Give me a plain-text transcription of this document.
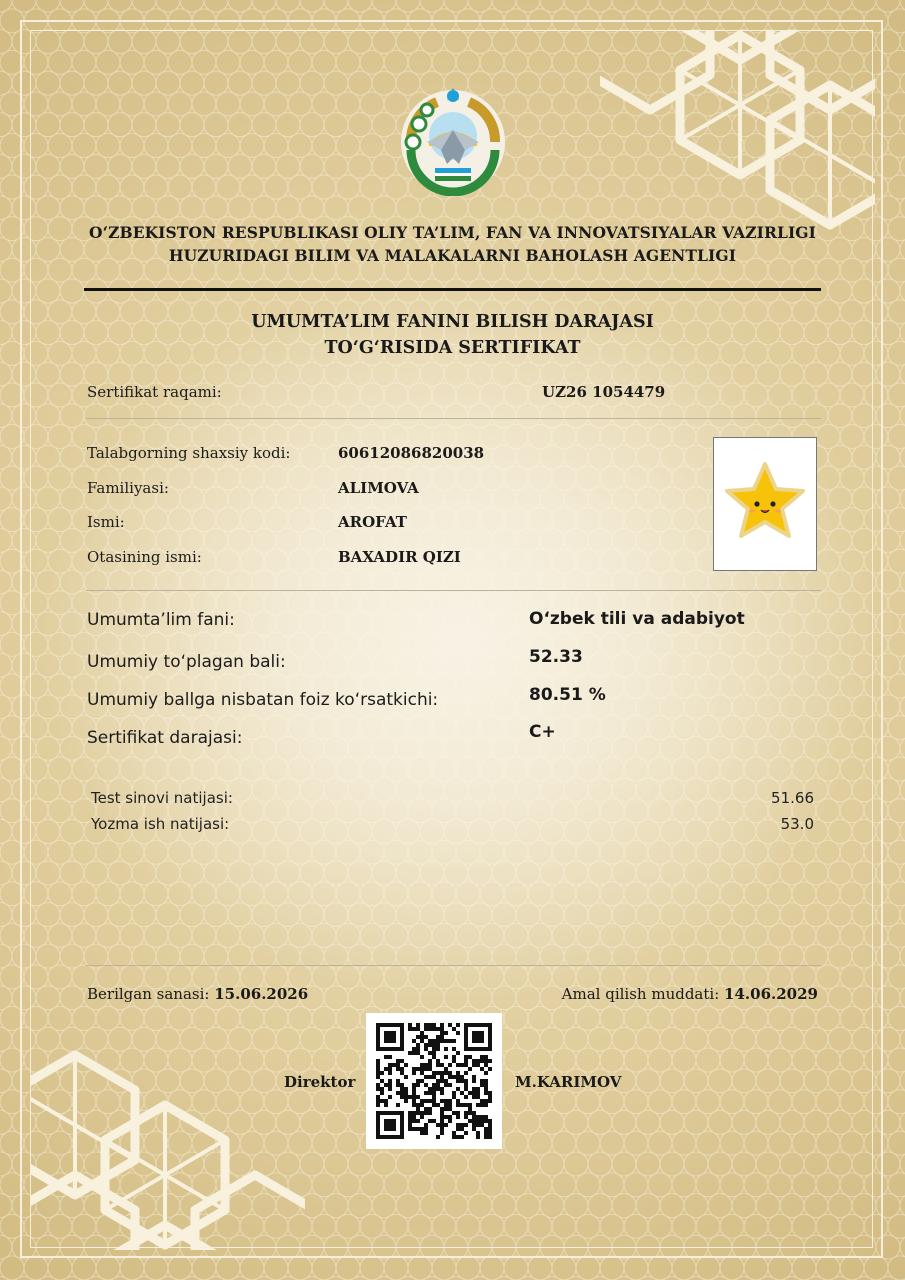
O‘ZBEKISTON RESPUBLIKASI OLIY TA’LIM, FAN VA INNOVATSIYALAR VAZIRLIGI
HUZURIDAGI BILIM VA MALAKALARNI BAHOLASH AGENTLIGI
UMUMTA’LIM FANINI BILISH DARAJASI
TO‘G‘RISIDA SERTIFIKAT
Sertifikat raqami:	UZ26 1054479
Talabgorning shaxsiy kodi:	60612086820038
Familiyasi:	ALIMOVA
Ismi:	AROFAT
Otasining ismi:	BAXADIR QIZI
Umumta’lim fani:	O‘zbek tili va adabiyot
Umumiy to‘plagan bali:	52.33
Umumiy ballga nisbatan foiz ko‘rsatkichi:	80.51 %
Sertifikat darajasi:	C+
Test sinovi natijasi:	51.66
Yozma ish natijasi:	53.0
Berilgan sanasi: 15.06.2026	Amal qilish muddati: 14.06.2029
Direktor	M.KARIMOV
